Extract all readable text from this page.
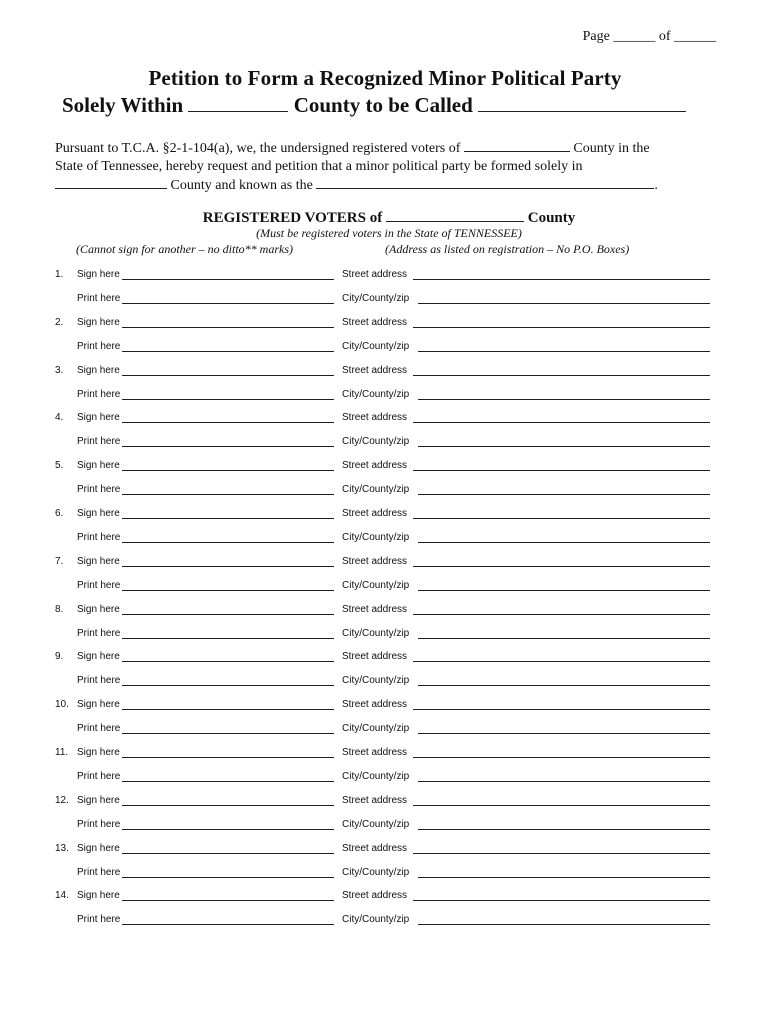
Page ______ of ______
Petition to Form a Recognized Minor Political Party
Solely Within	County to be Called
Pursuant to T.C.A. §2-1-104(a), we, the undersigned registered voters of	County in the
State of Tennessee, hereby request and petition that a minor political party be formed solely in
County and known as the	.
REGISTERED VOTERS of	County
(Must be registered voters in the State of TENNESSEE)
(Cannot sign for another – no ditto** marks)	(Address as listed on registration – No P.O. Boxes)
1. Sign here	Street address
Print here	City/County/zip
2. Sign here	Street address
Print here	City/County/zip
3. Sign here	Street address
Print here	City/County/zip
4. Sign here	Street address
Print here	City/County/zip
5. Sign here	Street address
Print here	City/County/zip
6. Sign here	Street address
Print here	City/County/zip
7. Sign here	Street address
Print here	City/County/zip
8. Sign here	Street address
Print here	City/County/zip
9. Sign here	Street address
Print here	City/County/zip
10. Sign here	Street address
Print here	City/County/zip
11. Sign here	Street address
Print here	City/County/zip
12. Sign here	Street address
Print here	City/County/zip
13. Sign here	Street address
Print here	City/County/zip
14. Sign here	Street address
Print here	City/County/zip
